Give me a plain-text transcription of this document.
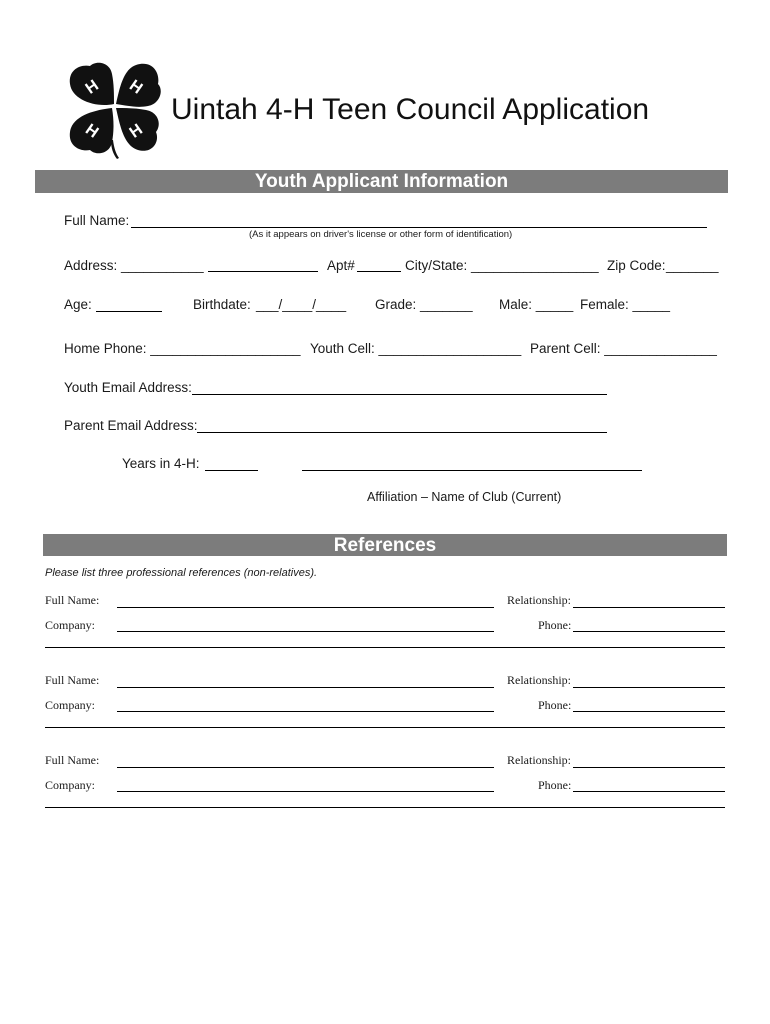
H H
H H
Uintah 4-H Teen Council Application
Youth Applicant Information
Full Name:
(As it appears on driver's license or other form of identification)
Address: ___________	Apt#	City/State: _________________ Zip Code: _______
Age:	Birthdate: ___/____/____ Grade: _______ Male: _____ Female: _____
Home Phone: ____________________ Youth Cell: ___________________ Parent Cell: _______________
Youth Email Address:
Parent Email Address:
Years in 4-H:
Affiliation – Name of Club (Current)
References
Please list three professional references (non-relatives).
Full Name:	Relationship:
Company:	Phone:
Full Name:	Relationship:
Company:	Phone:
Full Name:	Relationship:
Company:	Phone:
